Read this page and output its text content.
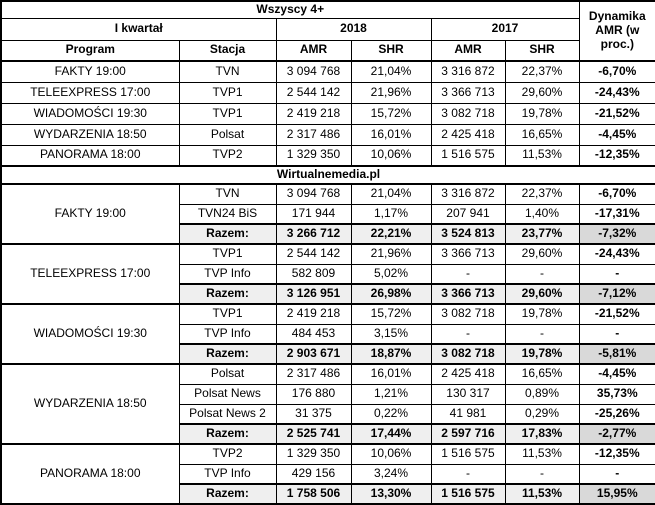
Wszyscy 4+						Dynamika AMR (w proc.)
I kwartał		2018		2017		
Program	Stacja	AMR	SHR	AMR	SHR	
FAKTY 19:00	TVN	3 094 768	21,04%	3 316 872	22,37%	-6,70%
TELEEXPRESS 17:00	TVP1	2 544 142	21,96%	3 366 713	29,60%	-24,43%
WIADOMOŚCI 19:30	TVP1	2 419 218	15,72%	3 082 718	19,78%	-21,52%
WYDARZENIA 18:50	Polsat	2 317 486	16,01%	2 425 418	16,65%	-4,45%
PANORAMA 18:00	TVP2	1 329 350	10,06%	1 516 575	11,53%	-12,35%
Wirtualnemedia.pl						
FAKTY 19:00	TVN	3 094 768	21,04%	3 316 872	22,37%	-6,70%
	TVN24 BiS	171 944	1,17%	207 941	1,40%	-17,31%
	Razem:	3 266 712	22,21%	3 524 813	23,77%	-7,32%
TELEEXPRESS 17:00	TVP1	2 544 142	21,96%	3 366 713	29,60%	-24,43%
	TVP Info	582 809	5,02%	-	-	-
	Razem:	3 126 951	26,98%	3 366 713	29,60%	-7,12%
WIADOMOŚCI 19:30	TVP1	2 419 218	15,72%	3 082 718	19,78%	-21,52%
	TVP Info	484 453	3,15%	-	-	-
	Razem:	2 903 671	18,87%	3 082 718	19,78%	-5,81%
WYDARZENIA 18:50	Polsat	2 317 486	16,01%	2 425 418	16,65%	-4,45%
	Polsat News	176 880	1,21%	130 317	0,89%	35,73%
	Polsat News 2	31 375	0,22%	41 981	0,29%	-25,26%
	Razem:	2 525 741	17,44%	2 597 716	17,83%	-2,77%
PANORAMA 18:00	TVP2	1 329 350	10,06%	1 516 575	11,53%	-12,35%
	TVP Info	429 156	3,24%	-	-	-
	Razem:	1 758 506	13,30%	1 516 575	11,53%	15,95%
